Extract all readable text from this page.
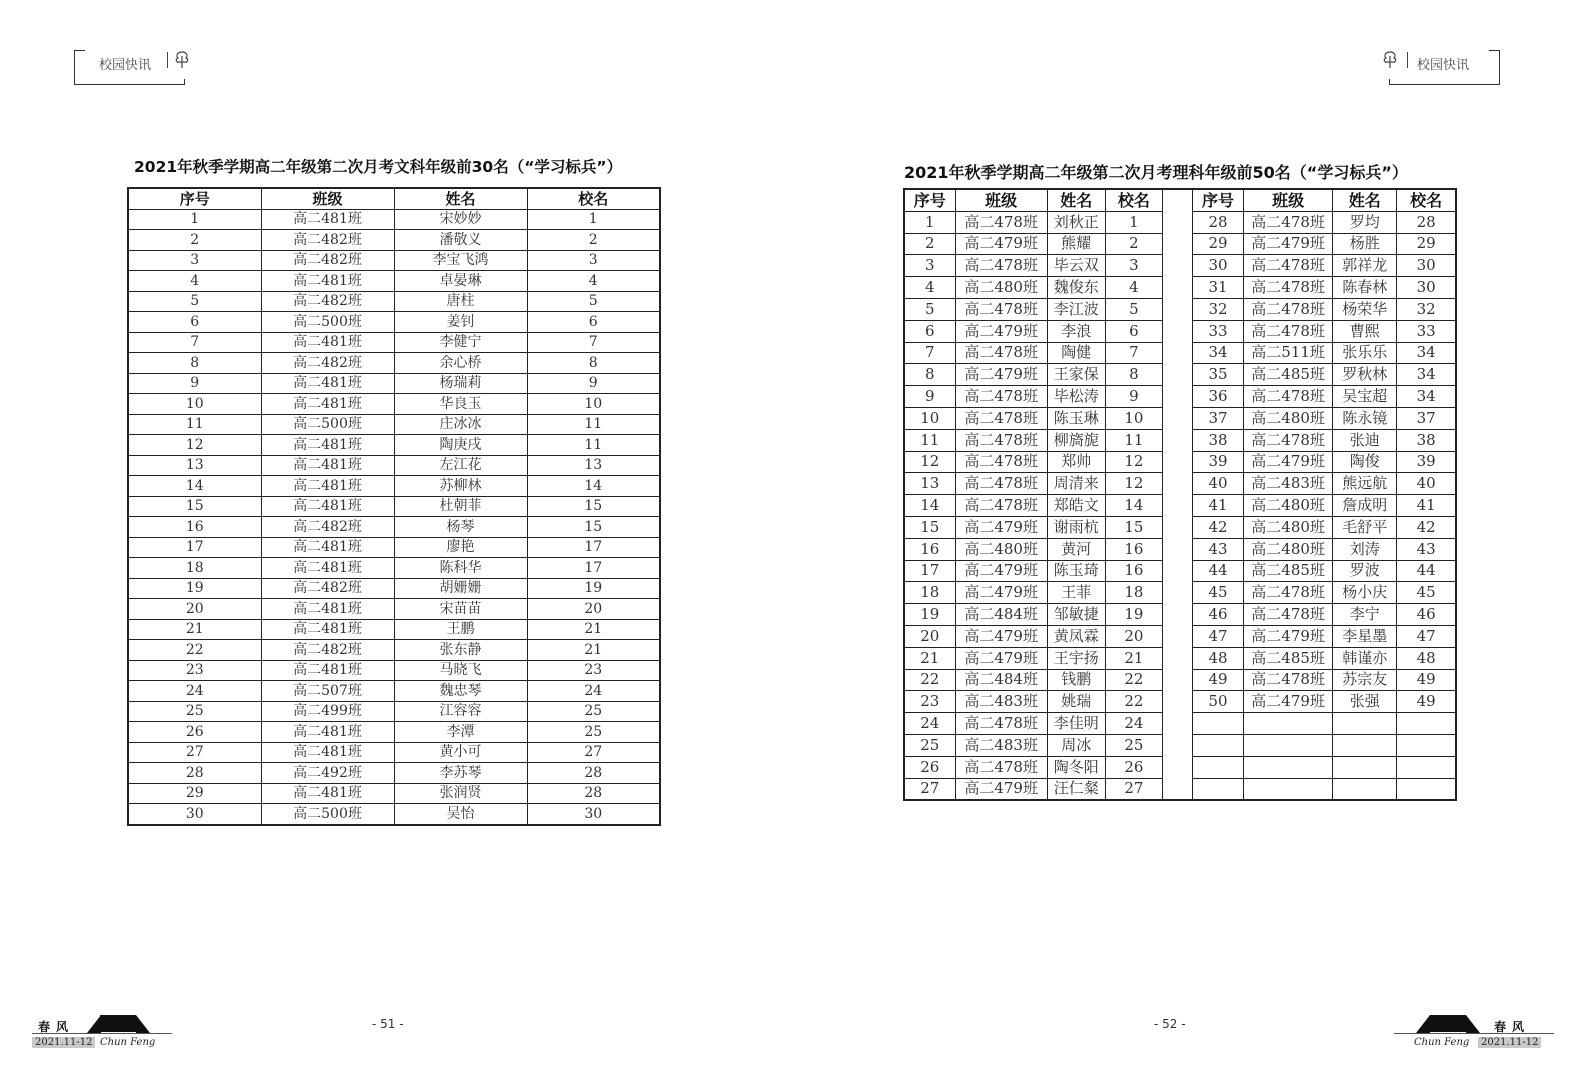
校园快讯
2021年秋季学期高二年级第二次月考文科年级前30名（“学习标兵”）
序号	班级	姓名	校名
1	高二481班	宋妙妙	1
2	高二482班	潘敬义	2
3	高二482班	李宝飞鸿	3
4	高二481班	卓晏琳	4
5	高二482班	唐柱	5
6	高二500班	姜钊	6
7	高二481班	李健宁	7
8	高二482班	余心桥	8
9	高二481班	杨瑞莉	9
10	高二481班	华良玉	10
11	高二500班	庄冰冰	11
12	高二481班	陶庚戌	11
13	高二481班	左江花	13
14	高二481班	苏柳林	14
15	高二481班	杜朝菲	15
16	高二482班	杨琴	15
17	高二481班	廖艳	17
18	高二481班	陈科华	17
19	高二482班	胡姗姗	19
20	高二481班	宋苗苗	20
21	高二481班	王鹏	21
22	高二482班	张东静	21
23	高二481班	马晓飞	23
24	高二507班	魏忠琴	24
25	高二499班	江容容	25
26	高二481班	李潭	25
27	高二481班	黄小可	27
28	高二492班	李苏琴	28
29	高二481班	张润贤	28
30	高二500班	吴怡	30
春风
2021.11-12 Chun Feng
- 51 -
校园快讯
2021年秋季学期高二年级第二次月考理科年级前50名（“学习标兵”）
序号	班级	姓名	校名		序号	班级	姓名	校名
1	高二478班	刘秋正	1		28	高二478班	罗均	28
2	高二479班	熊耀	2		29	高二479班	杨胜	29
3	高二478班	毕云双	3		30	高二478班	郭祥龙	30
4	高二480班	魏俊东	4		31	高二478班	陈春林	30
5	高二478班	李江波	5		32	高二478班	杨荣华	32
6	高二479班	李浪	6		33	高二478班	曹熙	33
7	高二478班	陶健	7		34	高二511班	张乐乐	34
8	高二479班	王家保	8		35	高二485班	罗秋林	34
9	高二478班	毕松涛	9		36	高二478班	吴宝超	34
10	高二478班	陈玉琳	10		37	高二480班	陈永镜	37
11	高二478班	柳旖旎	11		38	高二478班	张迪	38
12	高二478班	郑帅	12		39	高二479班	陶俊	39
13	高二478班	周清来	12		40	高二483班	熊远航	40
14	高二478班	郑皓文	14		41	高二480班	詹成明	41
15	高二479班	谢雨杭	15		42	高二480班	毛舒平	42
16	高二480班	黄河	16		43	高二480班	刘涛	43
17	高二479班	陈玉琦	16		44	高二485班	罗波	44
18	高二479班	王菲	18		45	高二478班	杨小庆	45
19	高二484班	邹敏捷	19		46	高二478班	李宁	46
20	高二479班	黄凤霖	20		47	高二479班	李星墨	47
21	高二479班	王宇扬	21		48	高二485班	韩谨亦	48
22	高二484班	钱鹏	22		49	高二478班	苏宗友	49
23	高二483班	姚瑞	22		50	高二479班	张强	49
24	高二478班	李佳明	24					
25	高二483班	周冰	25					
26	高二478班	陶冬阳	26					
27	高二479班	汪仁粲	27					
- 52 -	春风
Chun Feng	2021.11-12
